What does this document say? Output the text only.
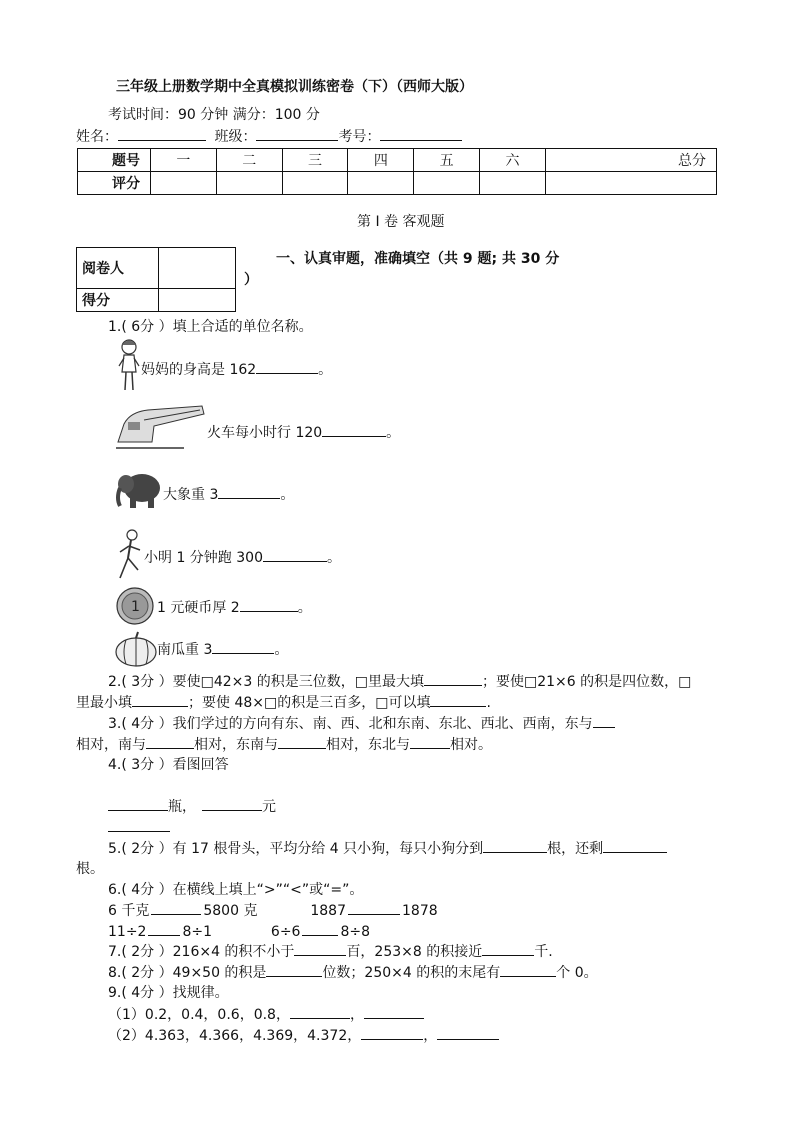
三年级上册数学期中全真模拟训练密卷（下）（西师大版）
考试时间：90 分钟 满分：100 分
姓名：	班级：	考号：
题号	一	二	三	四	五	六	总分
评分							
第 I 卷 客观题
阅卷人	
得分	
一、认真审题，准确填空（共 9 题; 共 30 分
）
1.( 6分 ）填上合适的单位名称。
妈妈的身高是 162	。
火车每小时行 120	。
大象重 3	。
小明 1 分钟跑 300	。
1 1 元硬币厚 2	。
南瓜重 3	。
2.( 3分 ）要使□42×3 的积是三位数，□里最大填	；要使□21×6 的积是四位数，□
里最小填	；要使 48×□的积是三百多，□可以填	.
3.( 4分 ）我们学过的方向有东、南、西、北和东南、东北、西北、西南，东与
相对，南与	相对，东南与	相对，东北与	相对。
4.( 3分 ）看图回答
瓶，	元
5.( 2分 ）有 17 根骨头，平均分给 4 只小狗，每只小狗分到	根，还剩
根。
6.( 4分 ）在横线上填上“>”“<”或“=”。
6 千克	5800 克	1887	1878
11÷2	8÷1	6÷6	8÷8
7.( 2分 ）216×4 的积不小于	百，253×8 的积接近	千.
8.( 2分 ）49×50 的积是	位数；250×4 的积的末尾有	个 0。
9.( 4分 ）找规律。
（1）0.2，0.4，0.6，0.8，	，
（2）4.363，4.366，4.369，4.372，	，
